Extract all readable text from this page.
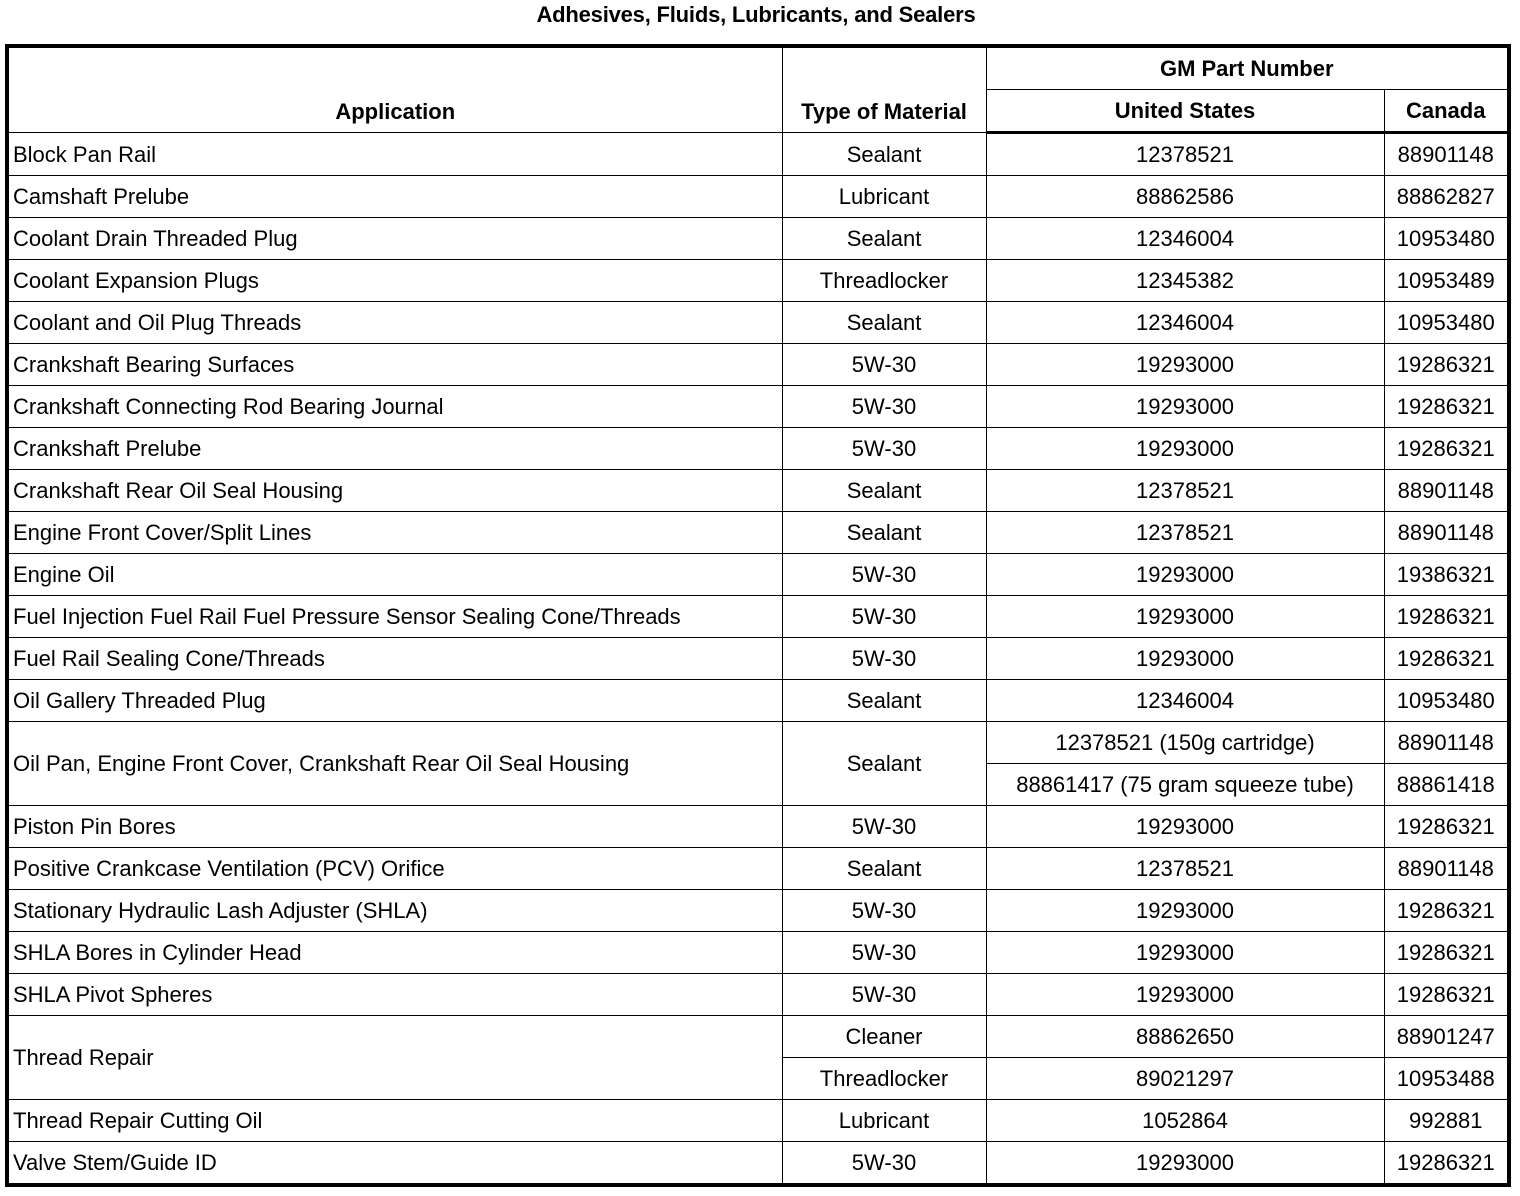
Adhesives, Fluids, Lubricants, and Sealers
Application	Type of Material	GM Part Number	
		United States	Canada
Block Pan Rail	Sealant	12378521	88901148
Camshaft Prelube	Lubricant	88862586	88862827
Coolant Drain Threaded Plug	Sealant	12346004	10953480
Coolant Expansion Plugs	Threadlocker	12345382	10953489
Coolant and Oil Plug Threads	Sealant	12346004	10953480
Crankshaft Bearing Surfaces	5W-30	19293000	19286321
Crankshaft Connecting Rod Bearing Journal	5W-30	19293000	19286321
Crankshaft Prelube	5W-30	19293000	19286321
Crankshaft Rear Oil Seal Housing	Sealant	12378521	88901148
Engine Front Cover/Split Lines	Sealant	12378521	88901148
Engine Oil	5W-30	19293000	19386321
Fuel Injection Fuel Rail Fuel Pressure Sensor Sealing Cone/Threads	5W-30	19293000	19286321
Fuel Rail Sealing Cone/Threads	5W-30	19293000	19286321
Oil Gallery Threaded Plug	Sealant	12346004	10953480
Oil Pan, Engine Front Cover, Crankshaft Rear Oil Seal Housing	Sealant	12378521 (150g cartridge)	88901148
		88861417 (75 gram squeeze tube)	88861418
Piston Pin Bores	5W-30	19293000	19286321
Positive Crankcase Ventilation (PCV) Orifice	Sealant	12378521	88901148
Stationary Hydraulic Lash Adjuster (SHLA)	5W-30	19293000	19286321
SHLA Bores in Cylinder Head	5W-30	19293000	19286321
SHLA Pivot Spheres	5W-30	19293000	19286321
Thread Repair	Cleaner	88862650	88901247
	Threadlocker	89021297	10953488
Thread Repair Cutting Oil	Lubricant	1052864	992881
Valve Stem/Guide ID	5W-30	19293000	19286321
